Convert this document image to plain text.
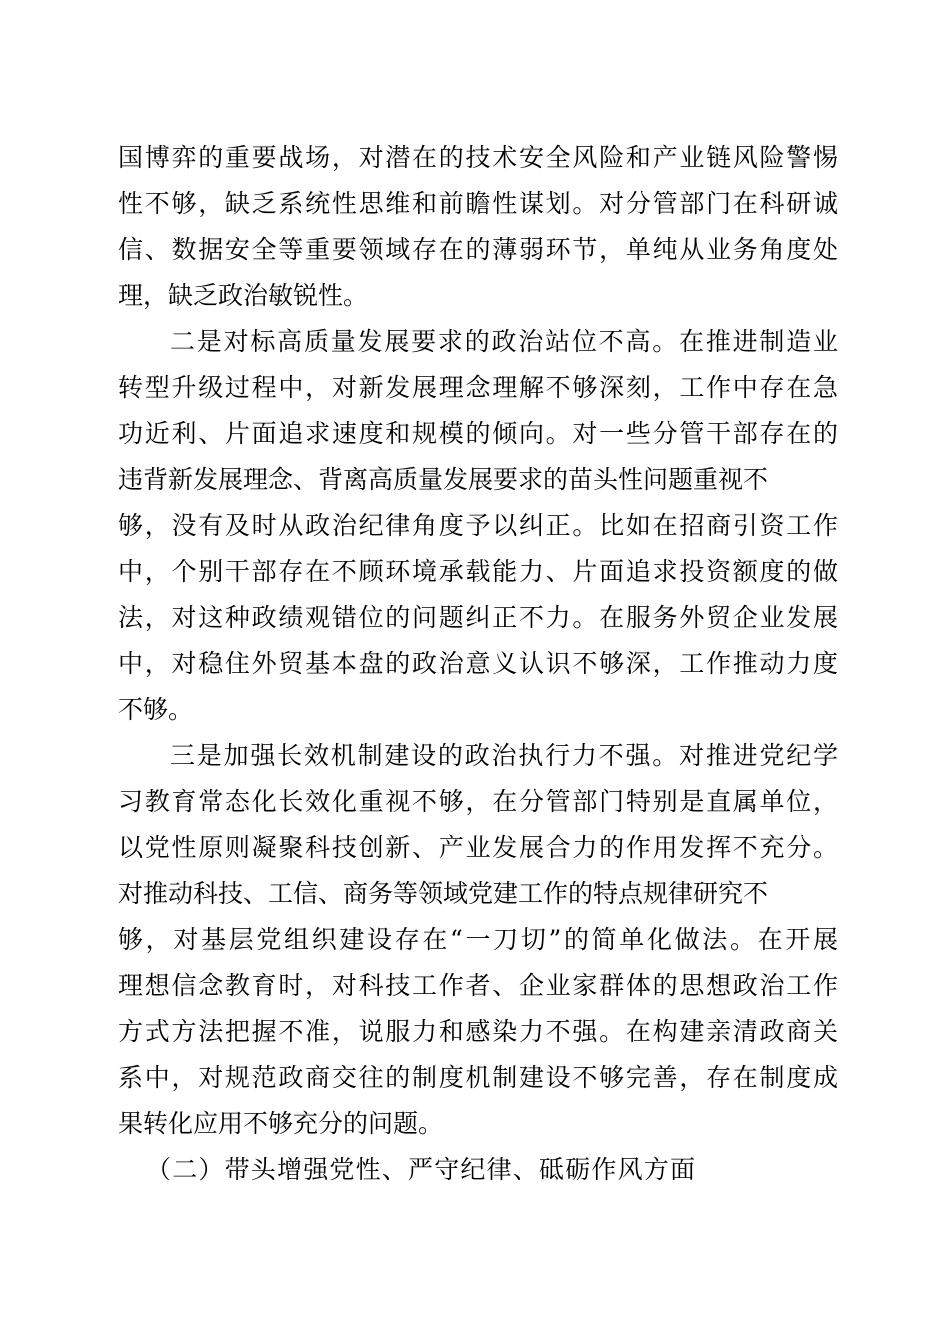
国博弈的重要战场，对潜在的技术安全风险和产业链风险警惕
性不够，缺乏系统性思维和前瞻性谋划。对分管部门在科研诚
信、数据安全等重要领域存在的薄弱环节，单纯从业务角度处
理，缺乏政治敏锐性。
二是对标高质量发展要求的政治站位不高。在推进制造业
转型升级过程中，对新发展理念理解不够深刻，工作中存在急
功近利、片面追求速度和规模的倾向。对一些分管干部存在的
违背新发展理念、背离高质量发展要求的苗头性问题重视不
够，没有及时从政治纪律角度予以纠正。比如在招商引资工作
中，个别干部存在不顾环境承载能力、片面追求投资额度的做
法，对这种政绩观错位的问题纠正不力。在服务外贸企业发展
中，对稳住外贸基本盘的政治意义认识不够深，工作推动力度
不够。
三是加强长效机制建设的政治执行力不强。对推进党纪学
习教育常态化长效化重视不够，在分管部门特别是直属单位，
以党性原则凝聚科技创新、产业发展合力的作用发挥不充分。
对推动科技、工信、商务等领域党建工作的特点规律研究不
够，对基层党组织建设存在“一刀切”的简单化做法。在开展
理想信念教育时，对科技工作者、企业家群体的思想政治工作
方式方法把握不准，说服力和感染力不强。在构建亲清政商关
系中，对规范政商交往的制度机制建设不够完善，存在制度成
果转化应用不够充分的问题。
（二）带头增强党性、严守纪律、砥砺作风方面
